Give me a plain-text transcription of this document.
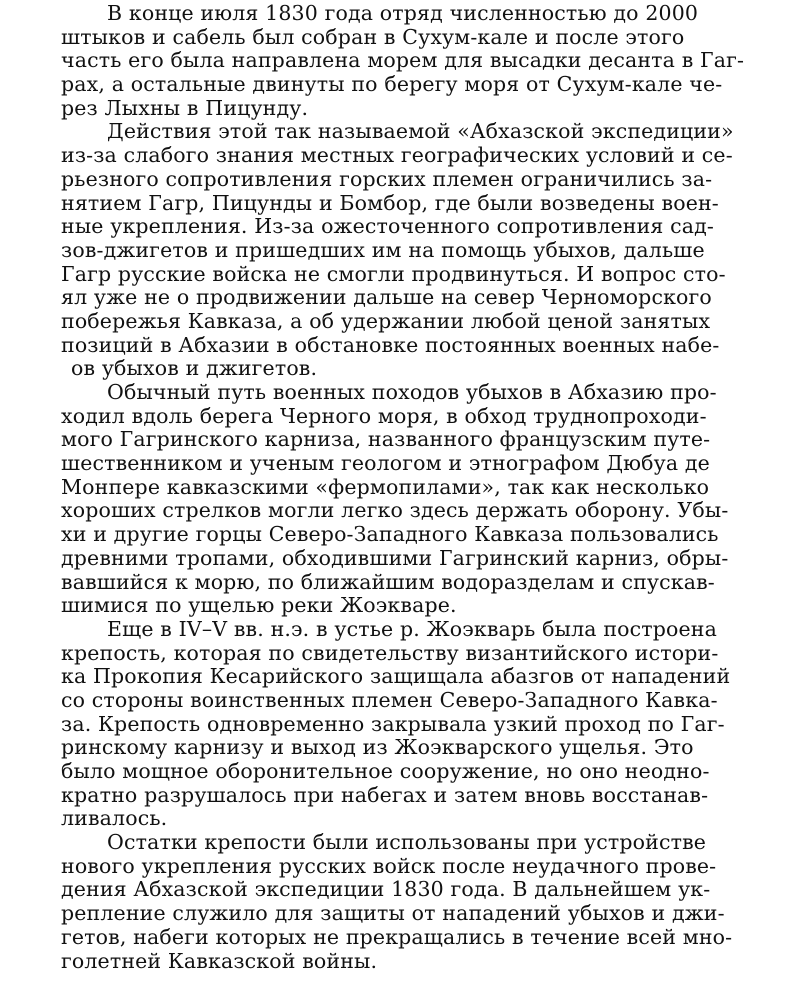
В конце июля 1830 года отряд численностью до 2000
штыков и сабель был собран в Сухум-кале и после этого
часть его была направлена морем для высадки десанта в Гаг-
рах, а остальные двинуты по берегу моря от Сухум-кале че-
рез Лыхны в Пицунду.
Действия этой так называемой «Абхазской экспедиции»
из-за слабого знания местных географических условий и се-
рьезного сопротивления горских племен ограничились за-
нятием Гагр, Пицунды и Бомбор, где были возведены воен-
ные укрепления. Из-за ожесточенного сопротивления сад-
зов-джигетов и пришедших им на помощь убыхов, дальше
Гагр русские войска не смогли продвинуться. И вопрос сто-
ял уже не о продвижении дальше на север Черноморского
побережья Кавказа, а об удержании любой ценой занятых
позиций в Абхазии в обстановке постоянных военных набе-
ов убыхов и джигетов.
Обычный путь военных походов убыхов в Абхазию про-
ходил вдоль берега Черного моря, в обход труднопроходи-
мого Гагринского карниза, названного французским путе-
шественником и ученым геологом и этнографом Дюбуа де
Монпере кавказскими «фермопилами», так как несколько
хороших стрелков могли легко здесь держать оборону. Убы-
хи и другие горцы Северо-Западного Кавказа пользовались
древними тропами, обходившими Гагринский карниз, обры-
вавшийся к морю, по ближайшим водоразделам и спускав-
шимися по ущелью реки Жоэкваре.
Еще в IV–V вв. н.э. в устье р. Жоэкварь была построена
крепость, которая по свидетельству византийского истори-
ка Прокопия Кесарийского защищала абазгов от нападений
со стороны воинственных племен Северо-Западного Кавка-
за. Крепость одновременно закрывала узкий проход по Гаг-
ринскому карнизу и выход из Жоэкварского ущелья. Это
было мощное оборонительное сооружение, но оно неодно-
кратно разрушалось при набегах и затем вновь восстанав-
ливалось.
Остатки крепости были использованы при устройстве
нового укрепления русских войск после неудачного прове-
дения Абхазской экспедиции 1830 года. В дальнейшем ук-
репление служило для защиты от нападений убыхов и джи-
гетов, набеги которых не прекращались в течение всей мно-
голетней Кавказской войны.
